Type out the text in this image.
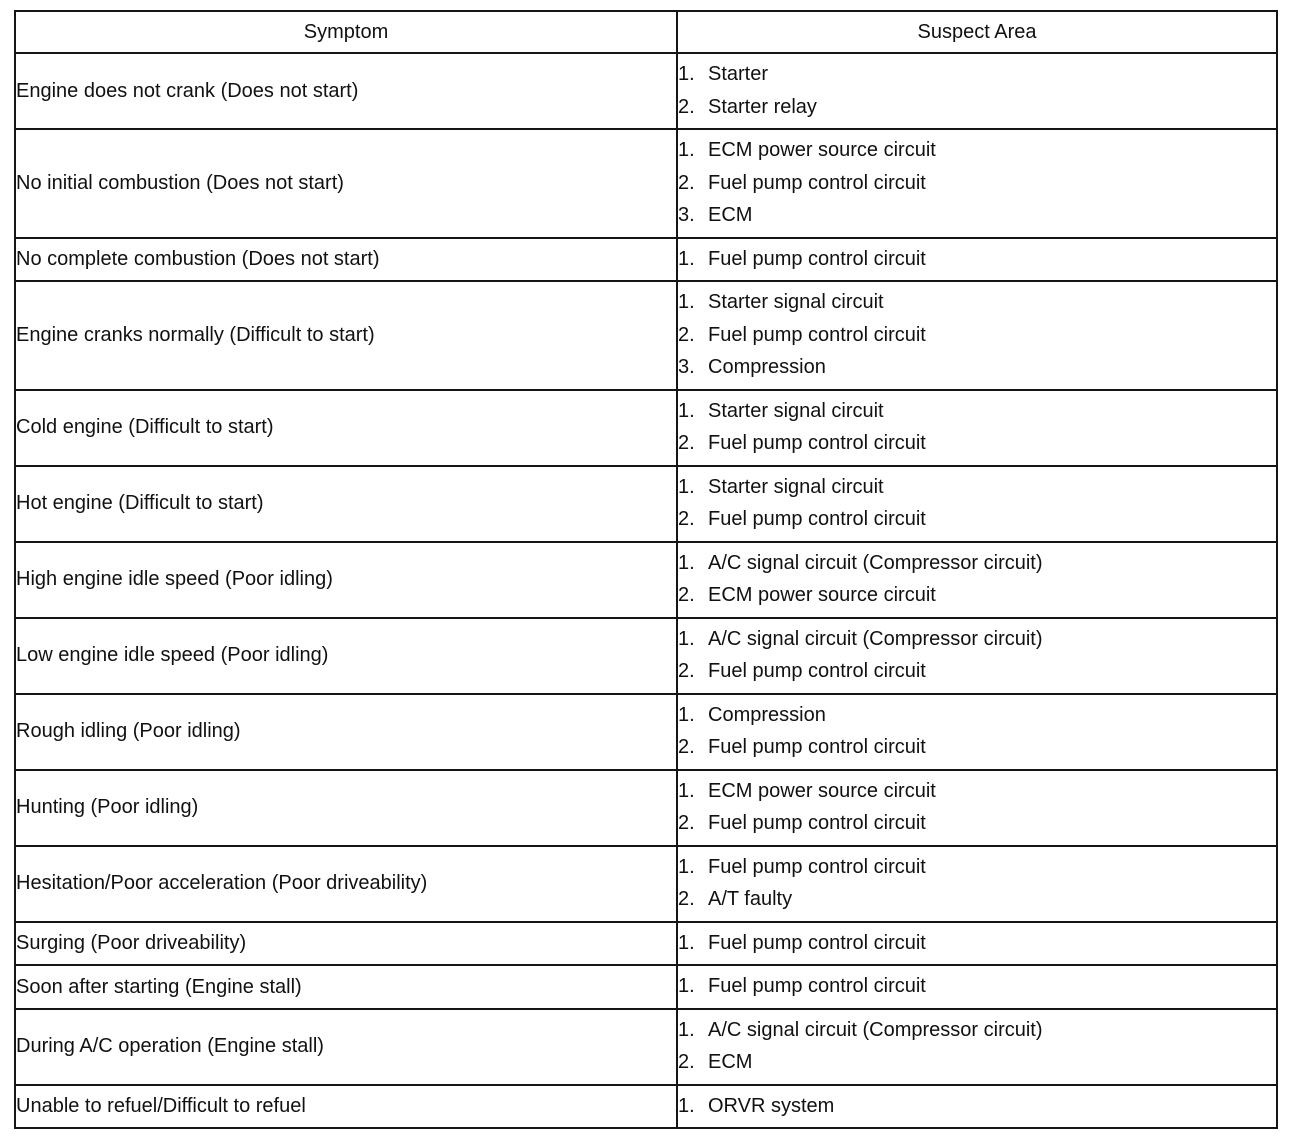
Symptom	Suspect Area
Engine does not crank (Does not start)	1. Starter
2. Starter relay

No initial combustion (Does not start)	1. ECM power source circuit
2. Fuel pump control circuit
3. ECM

No complete combustion (Does not start)	1. Fuel pump control circuit

Engine cranks normally (Difficult to start)	1. Starter signal circuit
2. Fuel pump control circuit
3. Compression

Cold engine (Difficult to start)	1. Starter signal circuit
2. Fuel pump control circuit

Hot engine (Difficult to start)	1. Starter signal circuit
2. Fuel pump control circuit

High engine idle speed (Poor idling)	1. A/C signal circuit (Compressor circuit)
2. ECM power source circuit

Low engine idle speed (Poor idling)	1. A/C signal circuit (Compressor circuit)
2. Fuel pump control circuit

Rough idling (Poor idling)	1. Compression
2. Fuel pump control circuit

Hunting (Poor idling)	1. ECM power source circuit
2. Fuel pump control circuit

Hesitation/Poor acceleration (Poor driveability)	1. Fuel pump control circuit
2. A/T faulty

Surging (Poor driveability)	1. Fuel pump control circuit

Soon after starting (Engine stall)	1. Fuel pump control circuit

During A/C operation (Engine stall)	1. A/C signal circuit (Compressor circuit)
2. ECM

Unable to refuel/Difficult to refuel	1. ORVR system
